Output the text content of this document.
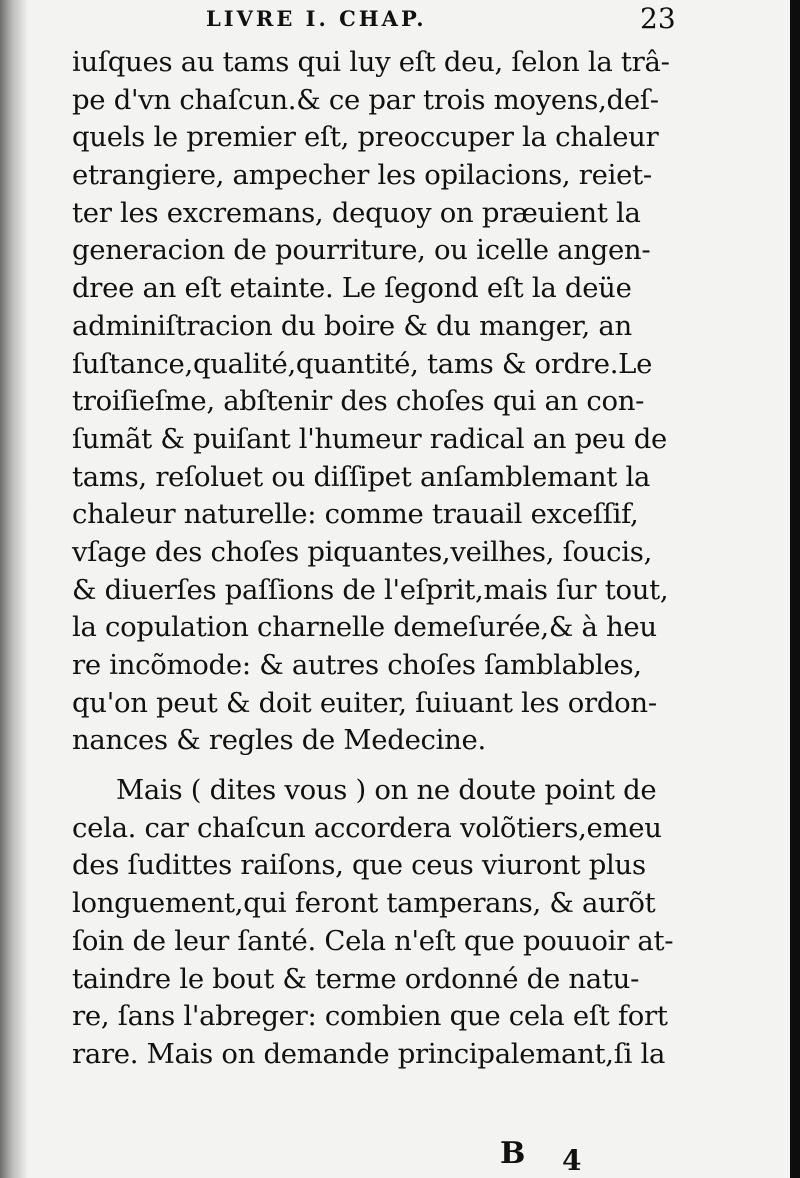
LIVRE I. CHAP.	23
iuſques au tams qui luy eſt deu, ſelon la trâ-
pe d'vn chaſcun.& ce par trois moyens,deſ-
quels le premier eſt, preoccuper la chaleur
etrangiere, ampecher les opilacions, reiet-
ter les excremans, dequoy on præuient la
generacion de pourriture, ou icelle angen-
dree an eſt etainte. Le ſegond eſt la deüe
adminiſtracion du boire & du manger, an
ſuſtance,qualité,quantité, tams & ordre.Le
troiſieſme, abſtenir des choſes qui an con-
ſumãt & puiſant l'humeur radical an peu de
tams, reſoluet ou diſſipet anſamblemant la
chaleur naturelle: comme trauail exceſſif,
vſage des choſes piquantes,veilhes, ſoucis,
& diuerſes paſſions de l'eſprit,mais ſur tout,
la copulation charnelle demeſurée,& à heu
re incõmode: & autres choſes ſamblables,
qu'on peut & doit euiter, ſuiuant les ordon-
nances & regles de Medecine.
Mais ( dites vous ) on ne doute point de
cela. car chaſcun accordera volõtiers,emeu
des ſudittes raiſons, que ceus viuront plus
longuement,qui feront tamperans, & aurõt
ſoin de leur ſanté. Cela n'eſt que pouuoir at-
taindre le bout & terme ordonné de natu-
re, ſans l'abreger: combien que cela eſt fort
rare. Mais on demande principalemant,ſi la
B 4
